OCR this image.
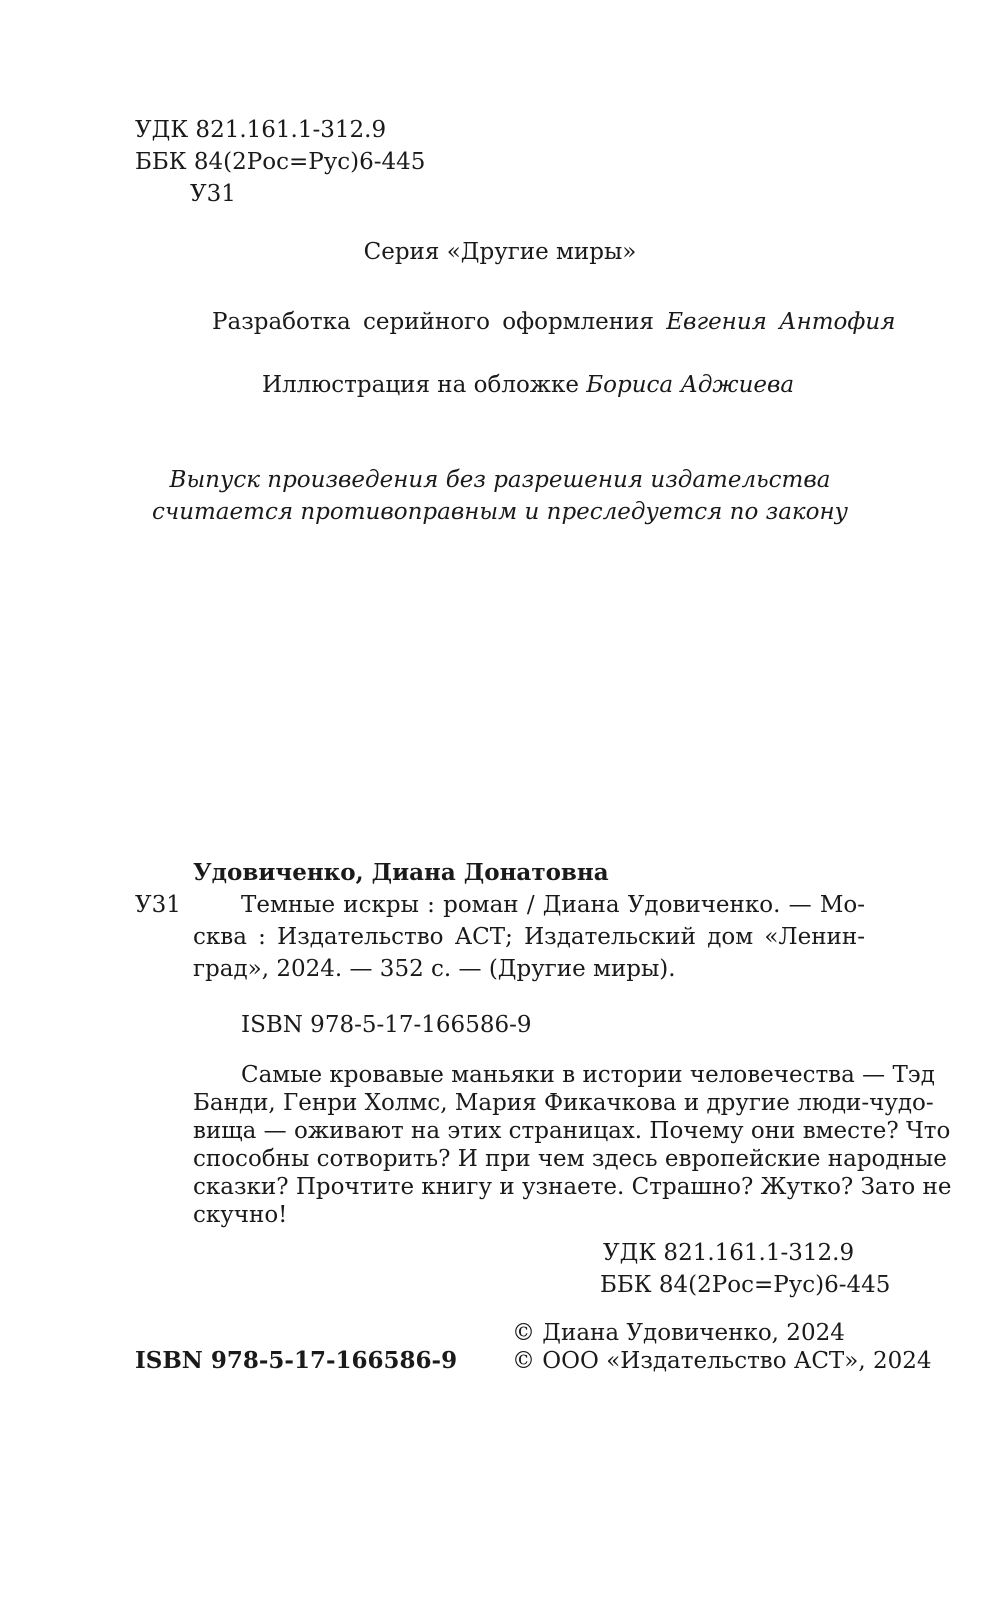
УДК 821.161.1-312.9
ББК 84(2Рос=Рус)6-445
У31
Серия «Другие миры»
Разработка серийного оформления Евгения Антофия
Иллюстрация на обложке Бориса Аджиева
Выпуск произведения без разрешения издательства
считается противоправным и преследуется по закону
Удовиченко, Диана Донатовна
У31	Темные искры : роман / Диана Удовиченко. — Мо-
сква : Издательство АСТ; Издательский дом «Ленин-
град», 2024. — 352 с. — (Другие миры).
ISBN 978-5-17-166586-9
Самые кровавые маньяки в истории человечества — Тэд
Банди, Генри Холмс, Мария Фикачкова и другие люди-чудо-
вища — оживают на этих страницах. Почему они вместе? Что
способны сотворить? И при чем здесь европейские народные
сказки? Прочтите книгу и узнаете. Страшно? Жутко? Зато не
скучно!
УДК 821.161.1-312.9
ББК 84(2Рос=Рус)6-445
© Диана Удовиченко, 2024
ISBN 978-5-17-166586-9 © ООО «Издательство АСТ», 2024
